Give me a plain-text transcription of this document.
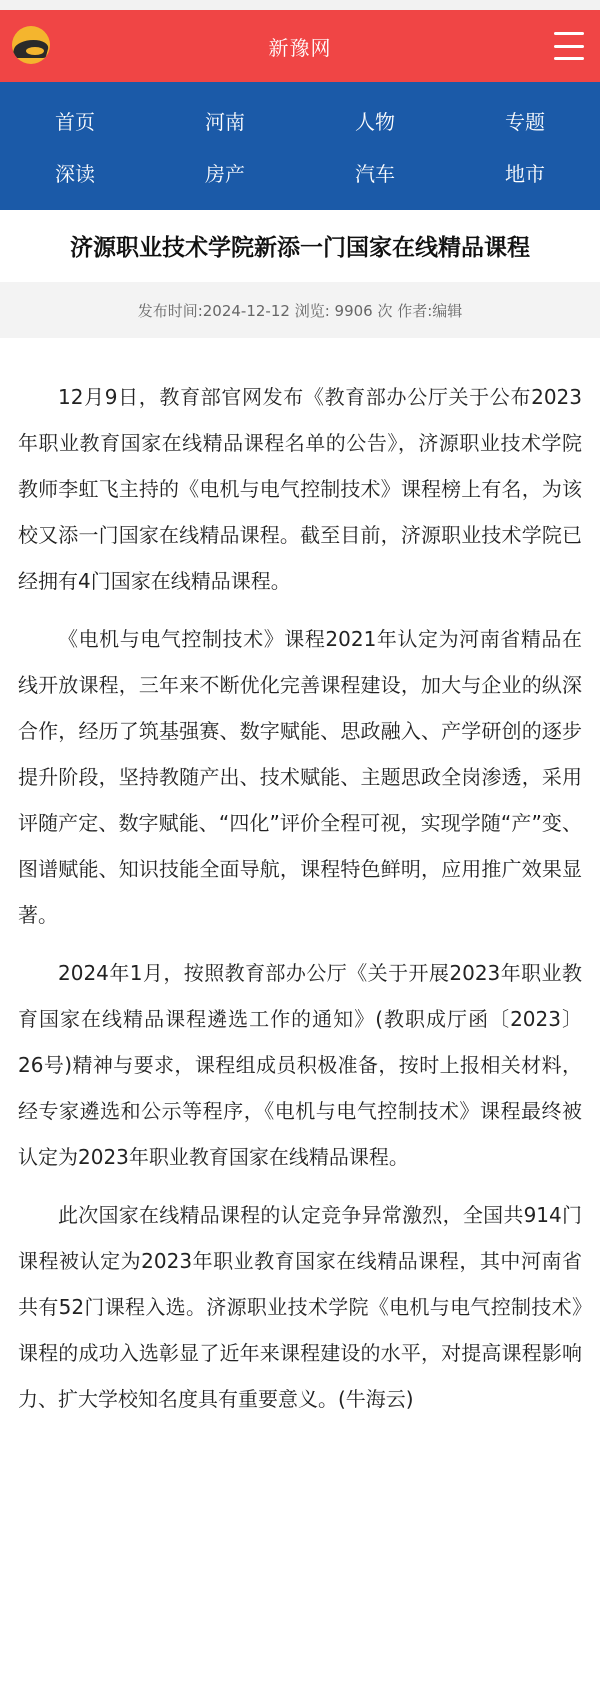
新豫网
首页	河南	人物	专题
深读	房产	汽车	地市
济源职业技术学院新添一门国家在线精品课程
发布时间:2024-12-12 浏览: 9906 次 作者:编辑

12月9日，教育部官网发布《教育部办公厅关于公布2023年职业教育国家在线精品课程名单的公告》，济源职业技术学院教师李虹飞主持的《电机与电气控制技术》课程榜上有名，为该校又添一门国家在线精品课程。截至目前，济源职业技术学院已经拥有4门国家在线精品课程。

《电机与电气控制技术》课程2021年认定为河南省精品在线开放课程，三年来不断优化完善课程建设，加大与企业的纵深合作，经历了筑基强赛、数字赋能、思政融入、产学研创的逐步提升阶段，坚持教随产出、技术赋能、主题思政全岗渗透，采用评随产定、数字赋能、“四化”评价全程可视，实现学随“产”变、图谱赋能、知识技能全面导航，课程特色鲜明，应用推广效果显著。

2024年1月，按照教育部办公厅《关于开展2023年职业教育国家在线精品课程遴选工作的通知》(教职成厅函〔2023〕26号)精神与要求，课程组成员积极准备，按时上报相关材料，经专家遴选和公示等程序，《电机与电气控制技术》课程最终被认定为2023年职业教育国家在线精品课程。

此次国家在线精品课程的认定竞争异常激烈，全国共914门课程被认定为2023年职业教育国家在线精品课程，其中河南省共有52门课程入选。济源职业技术学院《电机与电气控制技术》课程的成功入选彰显了近年来课程建设的水平，对提高课程影响力、扩大学校知名度具有重要意义。(牛海云)
